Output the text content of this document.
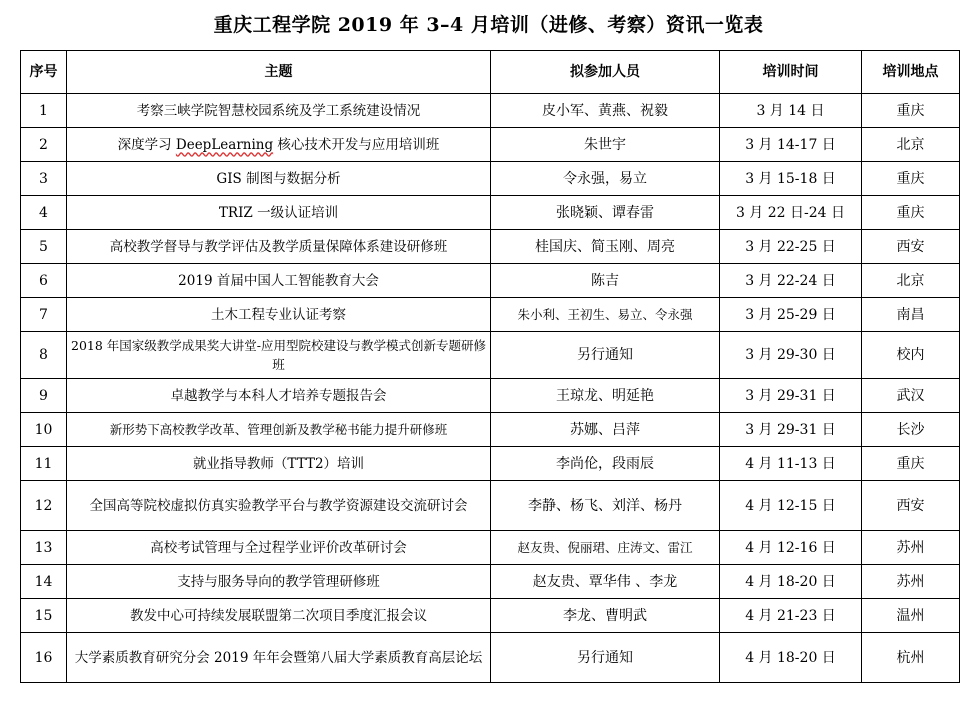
重庆工程学院 2019 年 3–4 月培训（进修、考察）资讯一览表
序号	主题	拟参加人员	培训时间	培训地点
1	考察三峡学院智慧校园系统及学工系统建设情况	皮小军、黄燕、祝毅	3 月 14 日	重庆
2	深度学习 DeepLearning 核心技术开发与应用培训班	朱世宇	3 月 14-17 日	北京
3	GIS 制图与数据分析	令永强，易立	3 月 15-18 日	重庆
4	TRIZ 一级认证培训	张晓颖、谭春雷	3 月 22 日-24 日	重庆
5	高校教学督导与教学评估及教学质量保障体系建设研修班	桂国庆、简玉刚、周亮	3 月 22-25 日	西安
6	2019 首届中国人工智能教育大会	陈吉	3 月 22-24 日	北京
7	土木工程专业认证考察	朱小利、王初生、易立、令永强	3 月 25-29 日	南昌
8	2018 年国家级教学成果奖大讲堂-应用型院校建设与教学模式创新专题研修班	另行通知	3 月 29-30 日	校内
9	卓越教学与本科人才培养专题报告会	王琼龙、明延艳	3 月 29-31 日	武汉
10	新形势下高校教学改革、管理创新及教学秘书能力提升研修班	苏娜、吕萍	3 月 29-31 日	长沙
11	就业指导教师（TTT2）培训	李尚伦，段雨辰	4 月 11-13 日	重庆
12	全国高等院校虚拟仿真实验教学平台与教学资源建设交流研讨会	李静、杨飞、刘洋、杨丹	4 月 12-15 日	西安
13	高校考试管理与全过程学业评价改革研讨会	赵友贵、倪丽珺、庄涛文、雷江	4 月 12-16 日	苏州
14	支持与服务导向的教学管理研修班	赵友贵、覃华伟 、李龙	4 月 18-20 日	苏州
15	教发中心可持续发展联盟第二次项目季度汇报会议	李龙、曹明武	4 月 21-23 日	温州
16	大学素质教育研究分会 2019 年年会暨第八届大学素质教育高层论坛	另行通知	4 月 18-20 日	杭州
